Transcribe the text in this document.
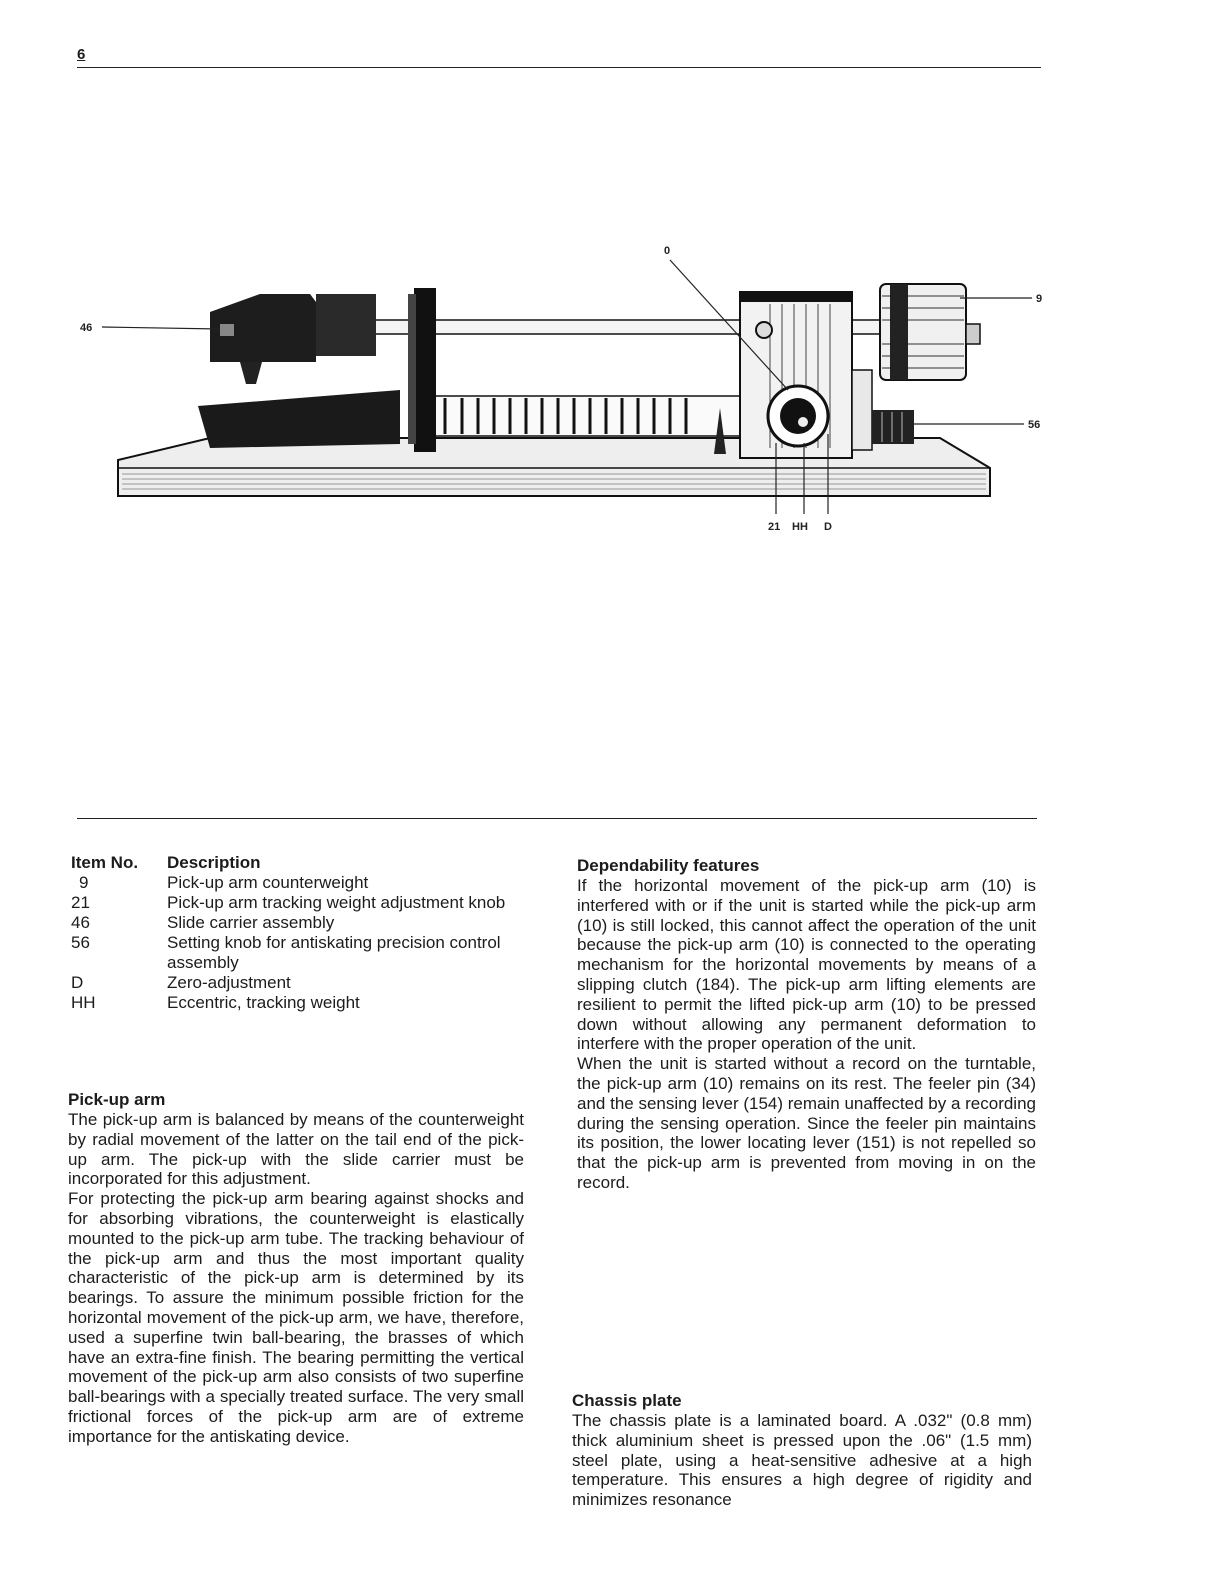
6
0
9
46
56
21 HH D
Item No.	Description
9	Pick-up arm counterweight
21	Pick-up arm tracking weight adjustment knob
46	Slide carrier assembly
56	Setting knob for antiskating precision control assembly
D	Zero-adjustment
HH	Eccentric, tracking weight
Pick-up arm

The pick-up arm is balanced by means of the counterweight by radial movement of the latter on the tail end of the pick-up arm. The pick-up with the slide carrier must be incorporated for this adjustment.

For protecting the pick-up arm bearing against shocks and for absorbing vibrations, the counterweight is elastically mounted to the pick-up arm tube. The tracking behaviour of the pick-up arm and thus the most important quality characteristic of the pick-up arm is determined by its bearings. To assure the minimum possible friction for the horizontal movement of the pick-up arm, we have, therefore, used a superfine twin ball-bearing, the brasses of which have an extra-fine finish. The bearing permitting the vertical movement of the pick-up arm also consists of two superfine ball-bearings with a specially treated surface. The very small frictional forces of the pick-up arm are of extreme importance for the antiskating device.

Dependability features

If the horizontal movement of the pick-up arm (10) is interfered with or if the unit is started while the pick-up arm (10) is still locked, this cannot affect the operation of the unit because the pick-up arm (10) is connected to the operating mechanism for the horizontal movements by means of a slipping clutch (184). The pick-up arm lifting elements are resilient to permit the lifted pick-up arm (10) to be pressed down without allowing any permanent deformation to interfere with the proper operation of the unit.

When the unit is started without a record on the turntable, the pick-up arm (10) remains on its rest. The feeler pin (34) and the sensing lever (154) remain unaffected by a recording during the sensing operation. Since the feeler pin maintains its position, the lower locating lever (151) is not repelled so that the pick-up arm is prevented from moving in on the record.

Chassis plate

The chassis plate is a laminated board. A .032" (0.8 mm) thick aluminium sheet is pressed upon the .06" (1.5 mm) steel plate, using a heat-sensitive adhesive at a high temperature. This ensures a high degree of rigidity and minimizes resonance
